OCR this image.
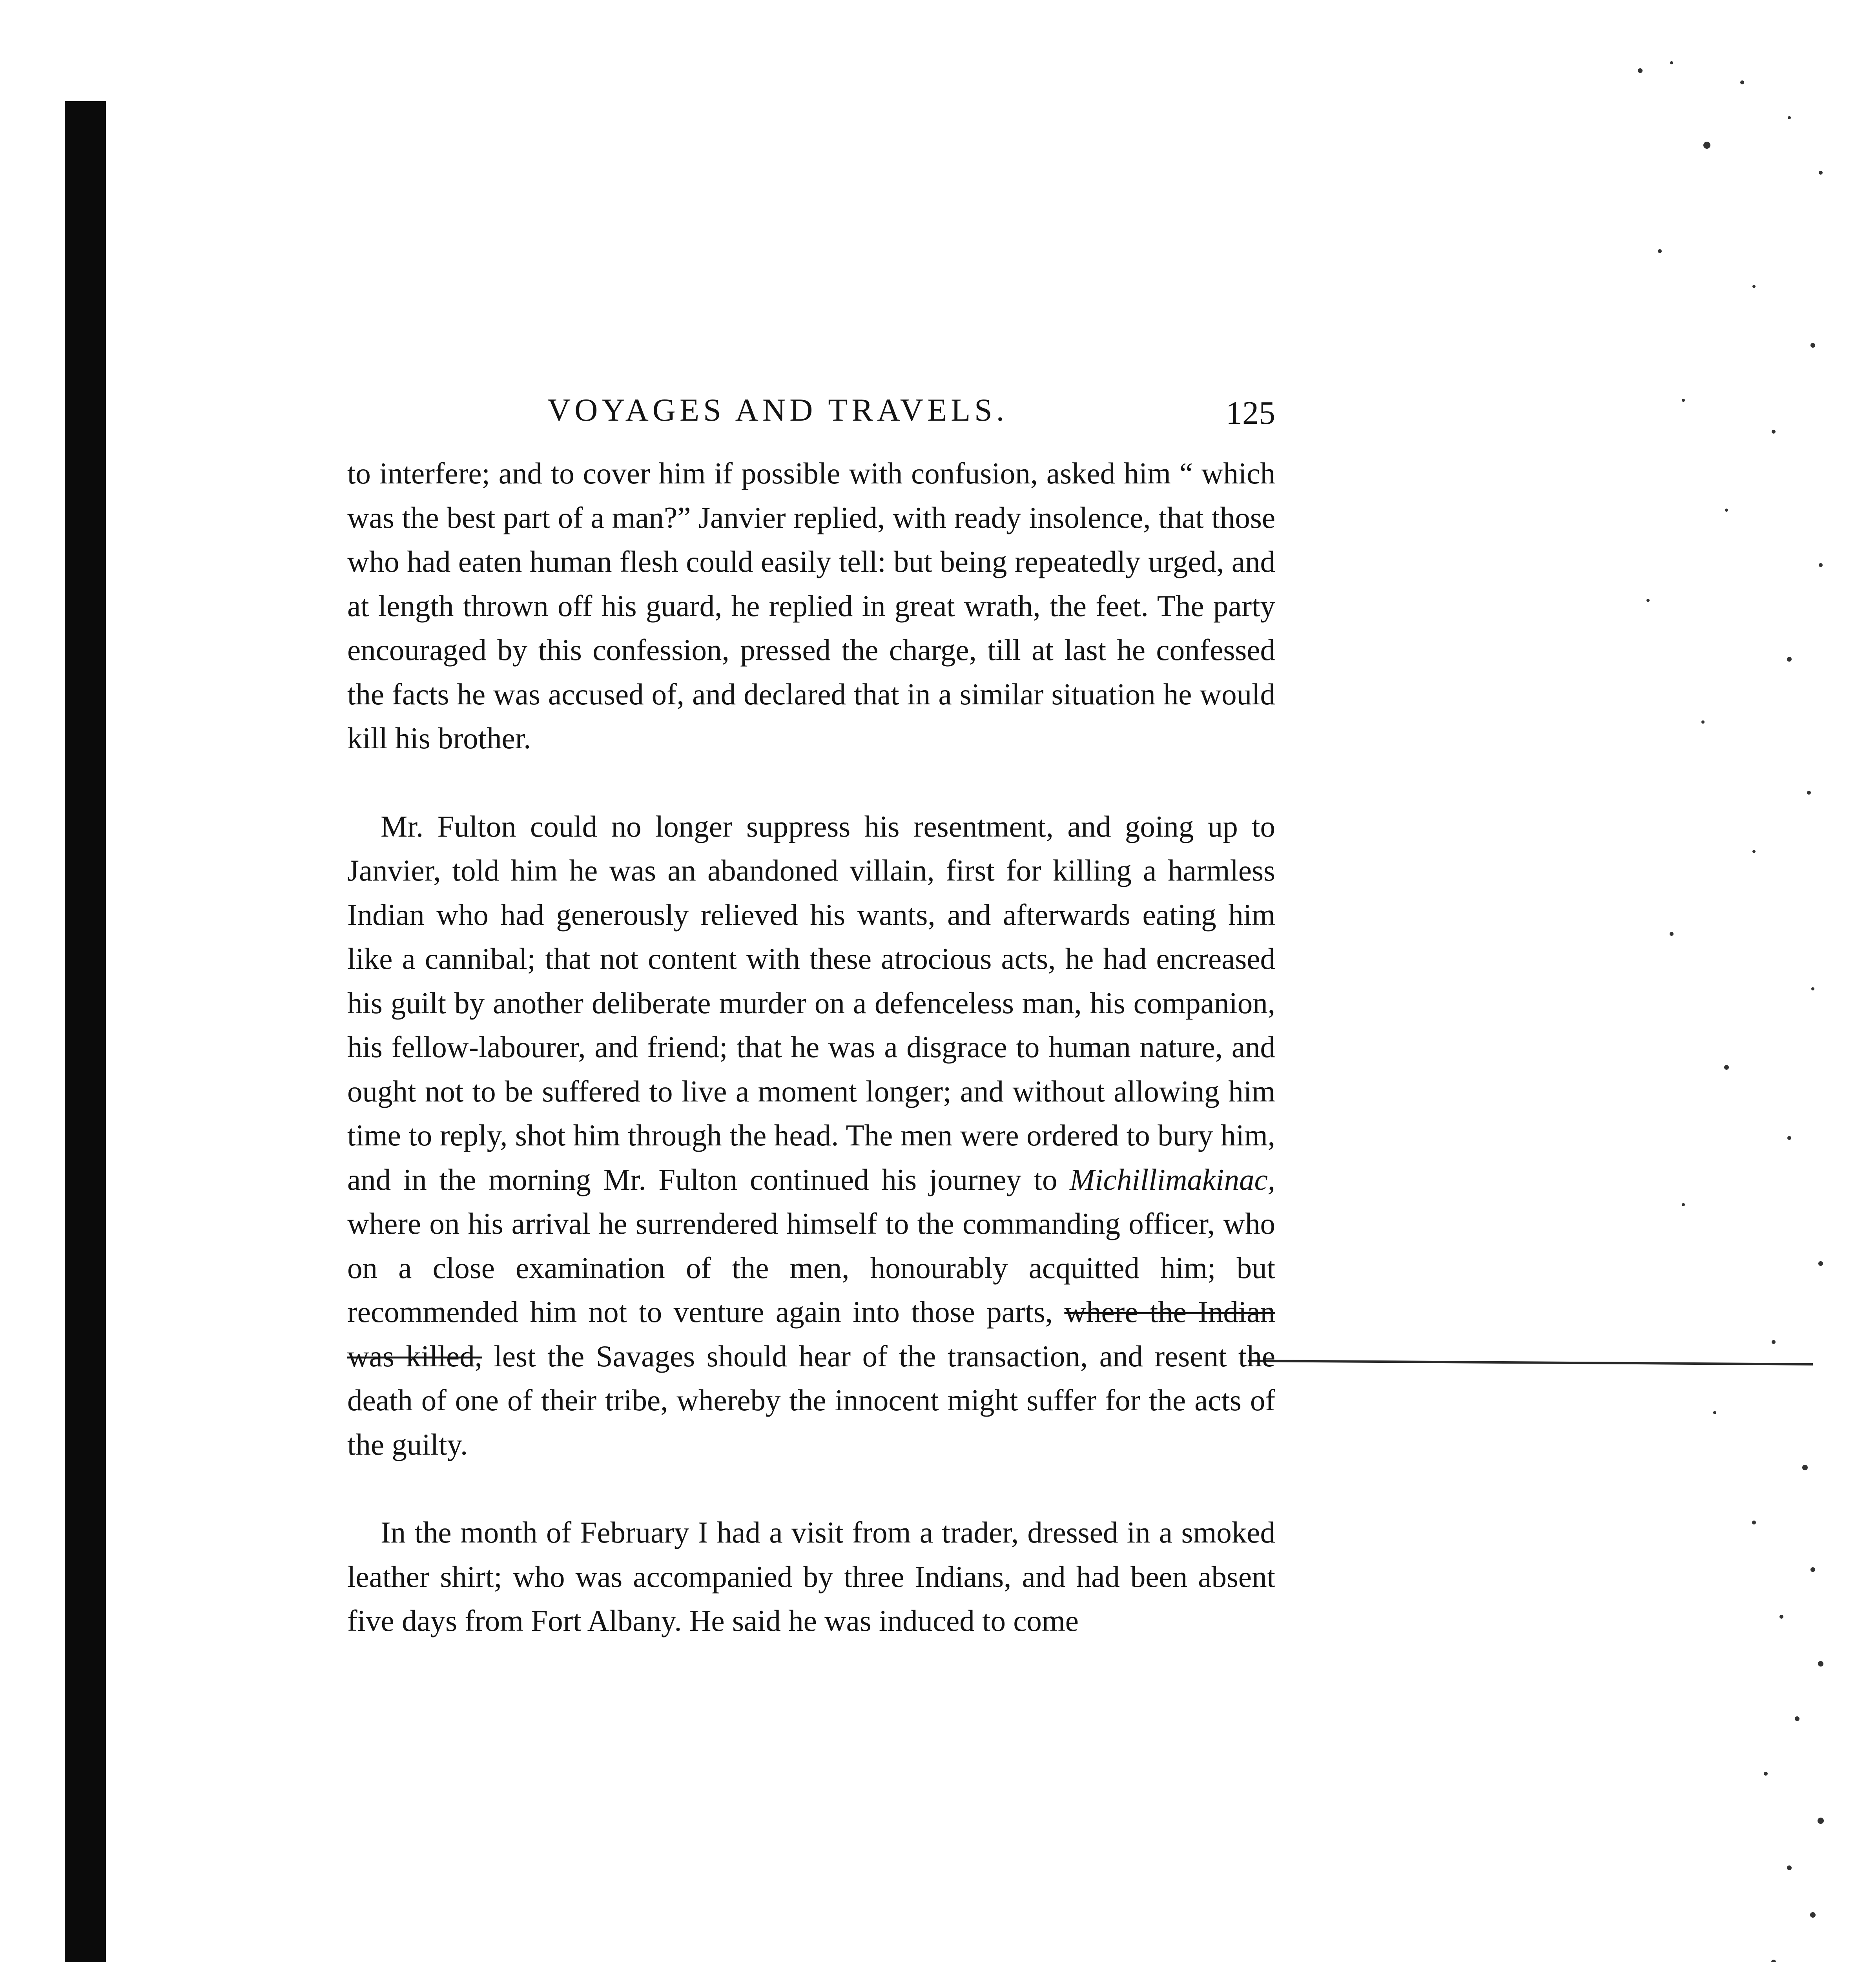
VOYAGES AND TRAVELS.	125

to interfere; and to cover him if possible with confusion, asked him “ which was the best part of a man?” Janvier replied, with ready insolence, that those who had eaten human flesh could easily tell: but being repeatedly urged, and at length thrown off his guard, he replied in great wrath, the feet. The party encouraged by this confession, pressed the charge, till at last he confessed the facts he was accused of, and declared that in a similar situation he would kill his brother.

Mr. Fulton could no longer suppress his resentment, and going up to Janvier, told him he was an abandoned villain, first for killing a harmless Indian who had generously relieved his wants, and afterwards eating him like a cannibal; that not content with these atrocious acts, he had encreased his guilt by another deliberate murder on a defenceless man, his companion, his fellow-labourer, and friend; that he was a disgrace to human nature, and ought not to be suffered to live a moment longer; and without allowing him time to reply, shot him through the head. The men were ordered to bury him, and in the morning Mr. Fulton continued his journey to Michillimakinac, where on his arrival he surrendered himself to the commanding officer, who on a close examination of the men, honourably acquitted him; but recommended him not to venture again into those parts, where the Indian was killed, lest the Savages should hear of the transaction, and resent the death of one of their tribe, whereby the innocent might suffer for the acts of the guilty.

In the month of February I had a visit from a trader, dressed in a smoked leather shirt; who was accompanied by three Indians, and had been absent five days from Fort Albany. He said he was induced to come
